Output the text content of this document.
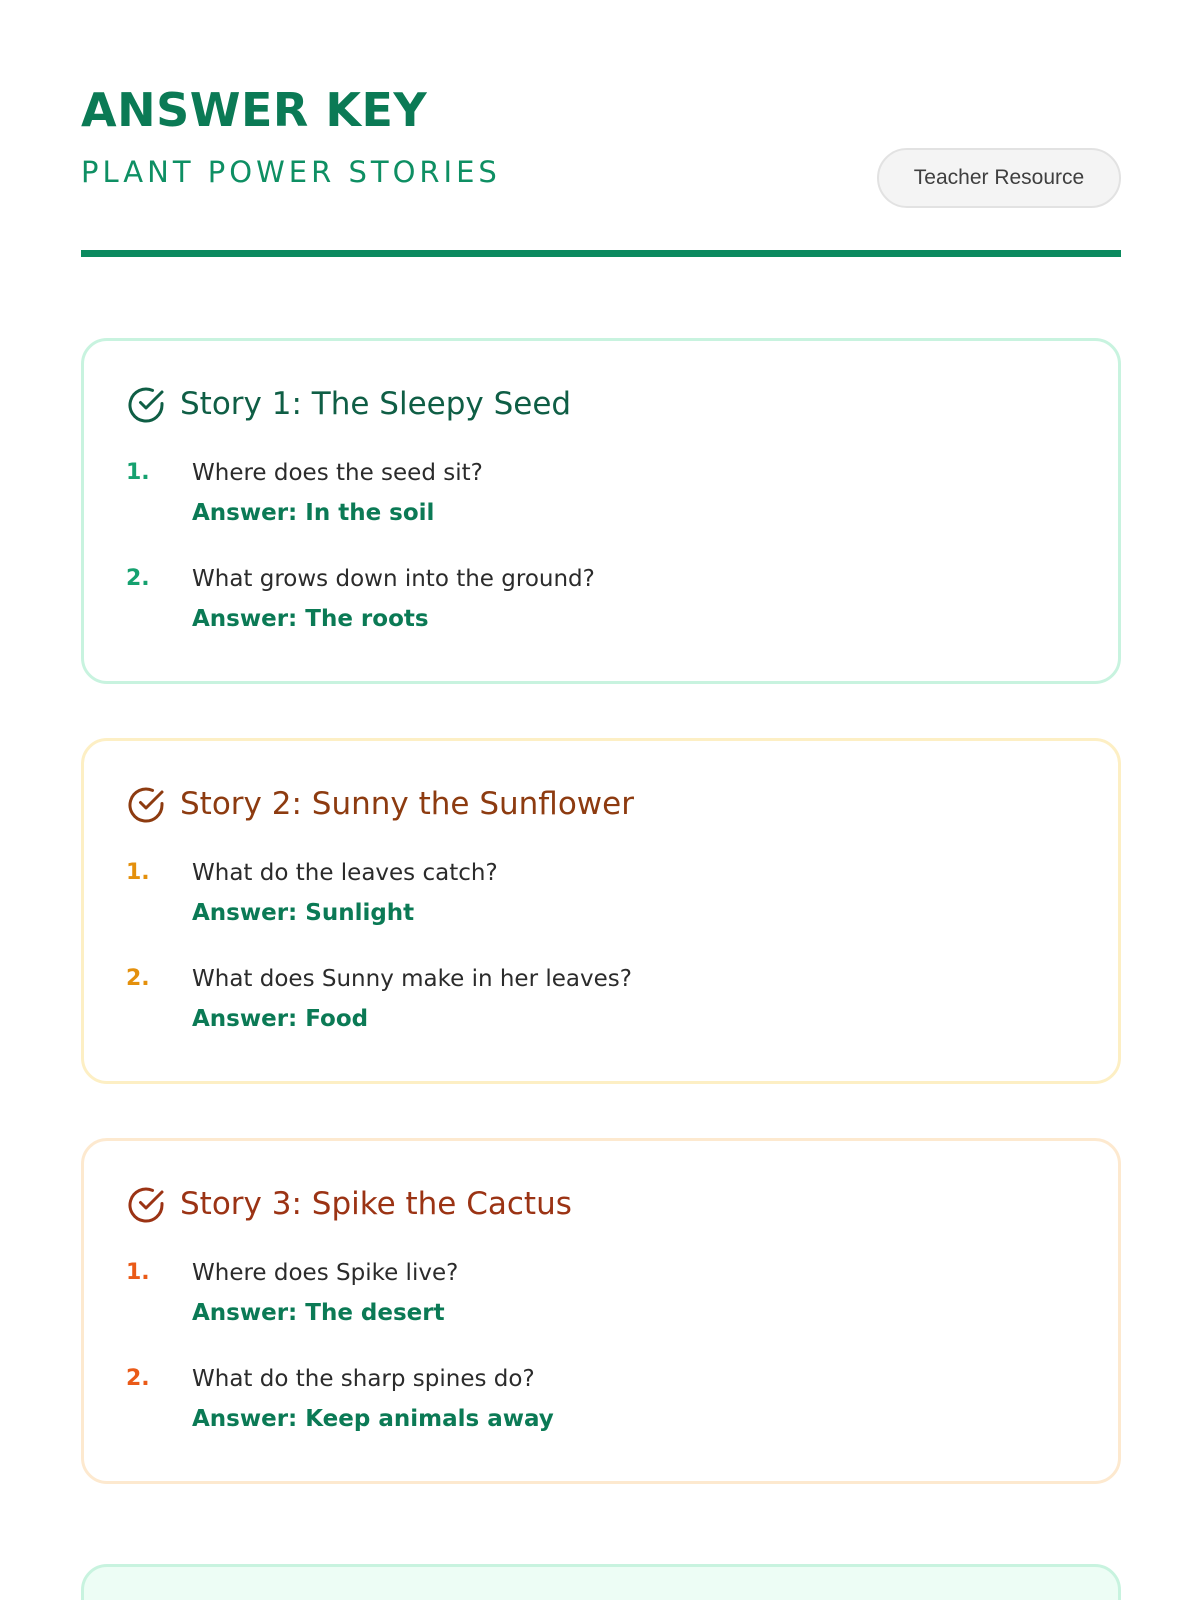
ANSWER KEY
PLANT POWER STORIES	Teacher Resource
Story 1: The Sleepy Seed
1.	Where does the seed sit?
Answer: In the soil
2.	What grows down into the ground?
Answer: The roots
Story 2: Sunny the Sunflower
1.	What do the leaves catch?
Answer: Sunlight
2.	What does Sunny make in her leaves?
Answer: Food
Story 3: Spike the Cactus
1.	Where does Spike live?
Answer: The desert
2.	What do the sharp spines do?
Answer: Keep animals away
